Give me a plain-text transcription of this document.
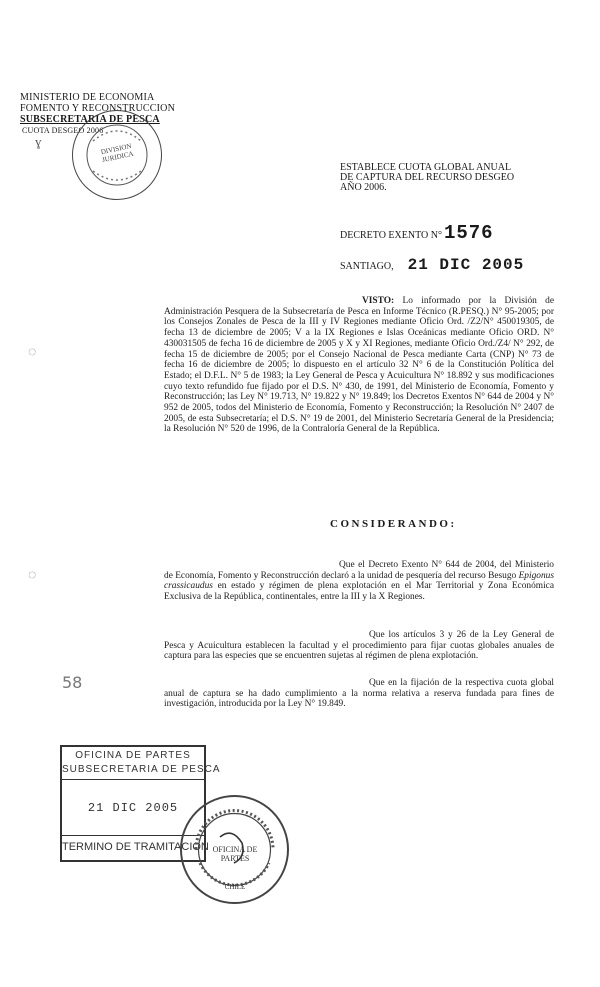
MINISTERIO DE ECONOMIA
FOMENTO Y RECONSTRUCCION
SUBSECRETARIA DE PESCA
CUOTA DESGEO 2006
DIVISION JURIDICA
ɣ
ESTABLECE CUOTA GLOBAL ANUAL
DE CAPTURA DEL RECURSO DESGEO
AÑO 2006.
DECRETO EXENTO N° 1576
SANTIAGO, 21 DIC 2005
VISTO: Lo informado por la División de Administración Pesquera de la Subsecretaría de Pesca en Informe Técnico (R.PESQ.) N° 95-2005; por los Consejos Zonales de Pesca de la III y IV Regiones mediante Oficio Ord. /Z2/N° 450019305, de fecha 13 de diciembre de 2005; V a la IX Regiones e Islas Oceánicas mediante Oficio ORD. N° 430031505 de fecha 16 de diciembre de 2005 y X y XI Regiones, mediante Oficio Ord./Z4/ N° 292, de fecha 15 de diciembre de 2005; por el Consejo Nacional de Pesca mediante Carta (CNP) N° 73 de fecha 16 de diciembre de 2005; lo dispuesto en el artículo 32 N° 6 de la Constitución Política del Estado; el D.F.L. N° 5 de 1983; la Ley General de Pesca y Acuicultura N° 18.892 y sus modificaciones cuyo texto refundido fue fijado por el D.S. N° 430, de 1991, del Ministerio de Economía, Fomento y Reconstrucción; las Ley N° 19.713, N° 19.822 y N° 19.849; los Decretos Exentos N° 644 de 2004 y N° 952 de 2005, todos del Ministerio de Economía, Fomento y Reconstrucción; la Resolución N° 2407 de 2005, de esta Subsecretaría; el D.S. N° 19 de 2001, del Ministerio Secretaría General de la Presidencia; la Resolución N° 520 de 1996, de la Contraloría General de la República.
CONSIDERANDO:
Que el Decreto Exento N° 644 de 2004, del Ministerio de Economía, Fomento y Reconstrucción declaró a la unidad de pesquería del recurso Besugo Epigonus crassicaudus en estado y régimen de plena explotación en el Mar Territorial y Zona Económica Exclusiva de la República, continentales, entre la III y la X Regiones.
Que los artículos 3 y 26 de la Ley General de Pesca y Acuicultura establecen la facultad y el procedimiento para fijar cuotas globales anuales de captura para las especies que se encuentren sujetas al régimen de plena explotación.
Que en la fijación de la respectiva cuota global anual de captura se ha dado cumplimiento a la norma relativa a reserva fundada para fines de investigación, introducida por la Ley N° 19.849.
◌
◌
58
OFICINA DE PARTES
SUBSECRETARIA DE PESCA
21 DIC 2005
TERMINO DE TRAMITACION OFICINA DE PARTES
CHILE
